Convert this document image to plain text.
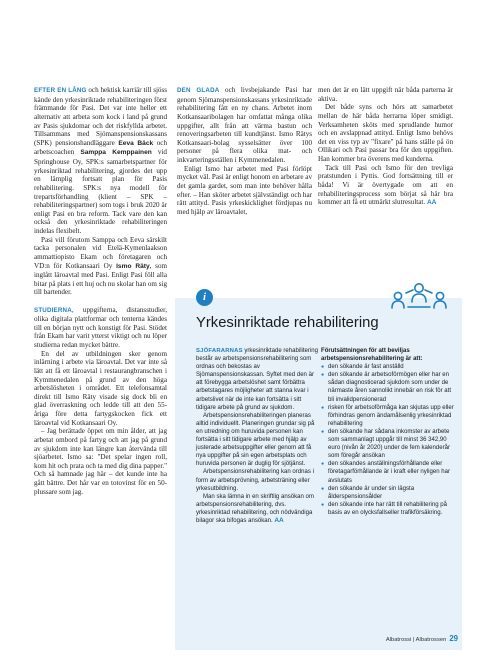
EFTER EN LÅNG och hektisk karriär till sjöss kände den yrkesinriktade rehabiliteringen först främmande för Pasi. Det var inte heller ett alternativ att arbeta som kock i land på grund av Pasis sjukdomar och det riskfyllda arbetet. Tillsammans med Sjömanspensionskassans (SPK) pensionshandläggare Eeva Bäck och arbetscoachen Samppa Kemppainen vid Springhouse Oy, SPK:s samarbetspartner för yrkesinriktad rehabilitering, gjordes det upp en lämplig fortsatt plan för Pasis rehabilitering. SPK:s nya modell för trepartsförhandling (klient – SPK – rehabiliteringspartner) som togs i bruk 2020 är enligt Pasi en bra reform. Tack vare den kan också den yrkesinriktade rehabiliteringen indelas flexibelt.

Pasi vill förutom Samppa och Eeva särskilt tacka personalen vid Etelä-Kymenlaakson ammattiopisto Ekam och företagaren och VD:n för Kotkansaari Oy Ismo Räty, som inglått läroavtal med Pasi. Enligt Pasi föll alla bitar på plats i ett huj och nu skolar han om sig till bartender.

STUDIERNA, uppgifterna, distansstudier, olika digitala plattformar och tenterna kändes till en början nytt och konstigt för Pasi. Stödet från Ekam har varit ytterst viktigt och nu löper studierna redan mycket bättre.

En del av utbildningen sker genom inlärning i arbete via läroavtal. Det var inte så lätt att få ett läroavtal i restaurangbranschen i Kymmenedalen på grund av den höga arbetslösheten i området. Ett telefonsamtal direkt till Ismo Räty visade sig dock bli en glad överraskning och ledde till att den 55-åriga före detta fartygskocken fick ett läroavtal vid Kotkansaari Oy.

– Jag berättade öppet om min ålder, att jag arbetat ombord på fartyg och att jag på grund av sjukdom inte kan längre kan återvända till sjöarbetet. Ismo sa: "Det spelar ingen roll, kom hit och prata och ta med dig dina papper." Och så hamnade jag här – det kunde inte ha gått bättre. Det hår var en totovinst för en 50-plussare som jag.

DEN GLADA och livsbejakande Pasi har genom Sjömanspensionskassans yrkesinriktade rehabilitering fått en ny chans. Arbetet inom Kotkansaaribolagen har omfattat många olika uppgifter, allt från att värma bastun och renoveringsarbeten till kundtjänst. Ismo Rätys Kotkansaari-bolag sysselsätter över 100 personer på flera olika mat- och inkvarteringsställen i Kymmenedalen.

Enligt Ismo har arbetet med Pasi förlöpt mycket väl. Pasi är enligt honom en arbetare av det gamla gardet, som man inte behöver hålla efter. – Han sköter arbetet självständigt och har rätt attityd. Pasis yrkeskicklighet fördjupas nu med hjälp av läroavtalet,

men det är en lätt uppgift när båda parterna är aktiva.

Det både syns och hörs att samarbetet mellan de här båda herrarna löper smidigt. Verksamheten sköts med sprudlande humor och en avslappnad attityd. Enligt Ismo behövs det en viss typ av "fixare" på hans ställe på ön Ollikari och Pasi passar bra för den uppgiften. Han kommer bra överens med kunderna.

Tack till Pasi och Ismo för den trevliga pratstunden i Pyttis. God fortsättning till er båda! Vi är övertygade om att en rehabiliteringsprocess som börjat så här bra kommer att få ett utmärkt slutresultat. AA

i
Yrkesinriktade rehabilitering

SJÖFARARNAS yrkesinriktade rehabilitering består av arbetspensionsrehabilitering som ordnas och bekostas av Sjömanspensionskassan. Syftet med den är att förebygga arbetslöshet samt förbättra arbetstagares möjligheter att stanna kvar i arbetslivet när de inte kan fortsätta i sitt tidigare arbete på grund av sjukdom.

Arbetspensionsrehabiliteringen planeras alltid individuellt. Planeringen grundar sig på en utredning om huruvida personen kan fortsätta i sitt tidigare arbete med hjälp av justerade arbetsuppgifter eller genom att få nya uppgifter på sin egen arbetsplats och huruvida personen är duglig för sjötjänst.

Arbetspensionsrehabilitering kan ordnas i form av arbetsprövning, arbetsträning eller yrkesutbildning.

Man ska lämna in en skriftlig ansökan om arbetspensionsrehabilitering, dvs. yrkesinriktad rehabilitering, och nödvändiga bilagor ska bifogas ansökan. AA

Förutsättningen för att beviljas arbetspensionsrehabilitering är att:

● den sökande är fast anställd
● den sökande är arbetsoförmögen eller har en sådan diagnosticerad sjukdom som under de närmaste åren sannolikt innebär en risk för att bli invalidpensionerad
● risken för arbetsoförmåga kan skjutas upp eller förhindras genom ändamålsenlig yrkesinriktad rehabilitering
● den sökande har sådana inkomster av arbete som sammanlagt uppgår till minst 36 342,90 euro (nivån år 2020) under de fem kalenderår som föregår ansökan
● den sökandes anställningsförhållande eller företagarförhållande är i kraft eller nyligen har avslutats
● den sökande är under sin lägsta ålderspensionsålder
● den sökande inte har rätt till rehabilitering på basis av en olycksfallseller trafikförsäkring.
Albatrossi | Albatrossen 29
